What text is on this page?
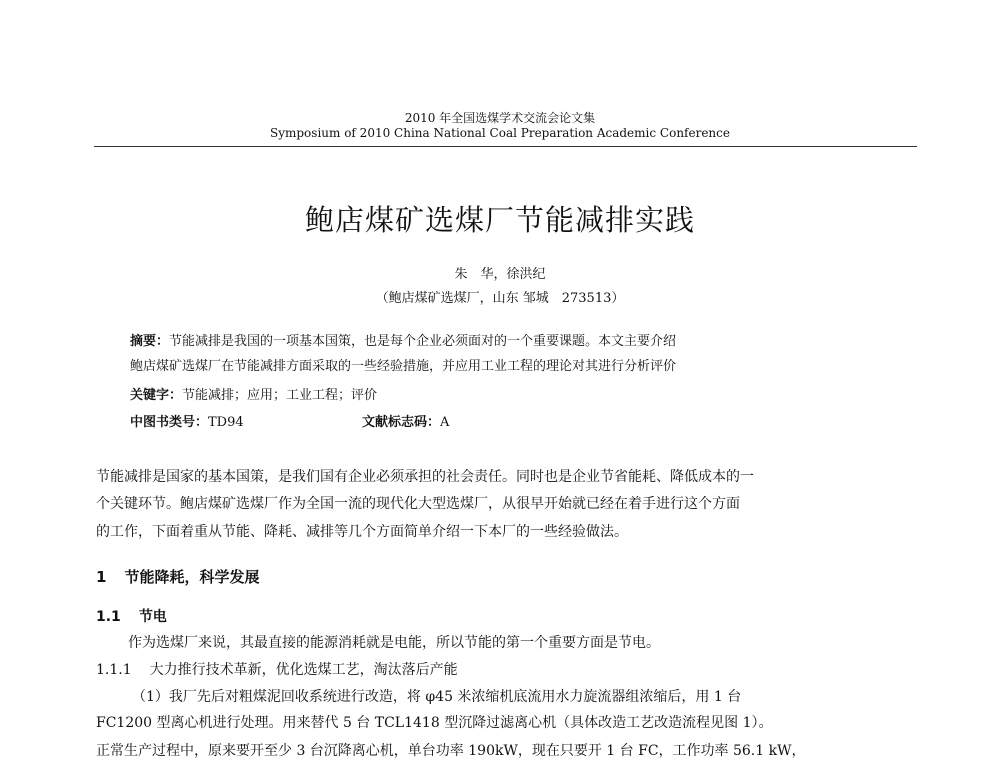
2010 年全国选煤学术交流会论文集
Symposium of 2010 China National Coal Preparation Academic Conference
鲍店煤矿选煤厂节能减排实践
朱　华，徐洪纪
（鲍店煤矿选煤厂，山东 邹城　273513）
摘要：节能减排是我国的一项基本国策，也是每个企业必须面对的一个重要课题。本文主要介绍
鲍店煤矿选煤厂在节能减排方面采取的一些经验措施，并应用工业工程的理论对其进行分析评价
关键字：节能减排；应用；工业工程；评价
中图书类号：TD94	文献标志码：A
节能减排是国家的基本国策，是我们国有企业必须承担的社会责任。同时也是企业节省能耗、降低成本的一
个关键环节。鲍店煤矿选煤厂作为全国一流的现代化大型选煤厂，从很早开始就已经在着手进行这个方面
的工作，下面着重从节能、降耗、减排等几个方面简单介绍一下本厂的一些经验做法。
1 节能降耗，科学发展
1.1 节电
作为选煤厂来说，其最直接的能源消耗就是电能，所以节能的第一个重要方面是节电。
1.1.1 大力推行技术革新，优化选煤工艺，淘汰落后产能
（1）我厂先后对粗煤泥回收系统进行改造，将 φ45 米浓缩机底流用水力旋流器组浓缩后，用 1 台
FC1200 型离心机进行处理。用来替代 5 台 TCL1418 型沉降过滤离心机（具体改造工艺改造流程见图 1）。
正常生产过程中，原来要开至少 3 台沉降离心机，单台功率 190kW，现在只要开 1 台 FC，工作功率 56.1 kW，
